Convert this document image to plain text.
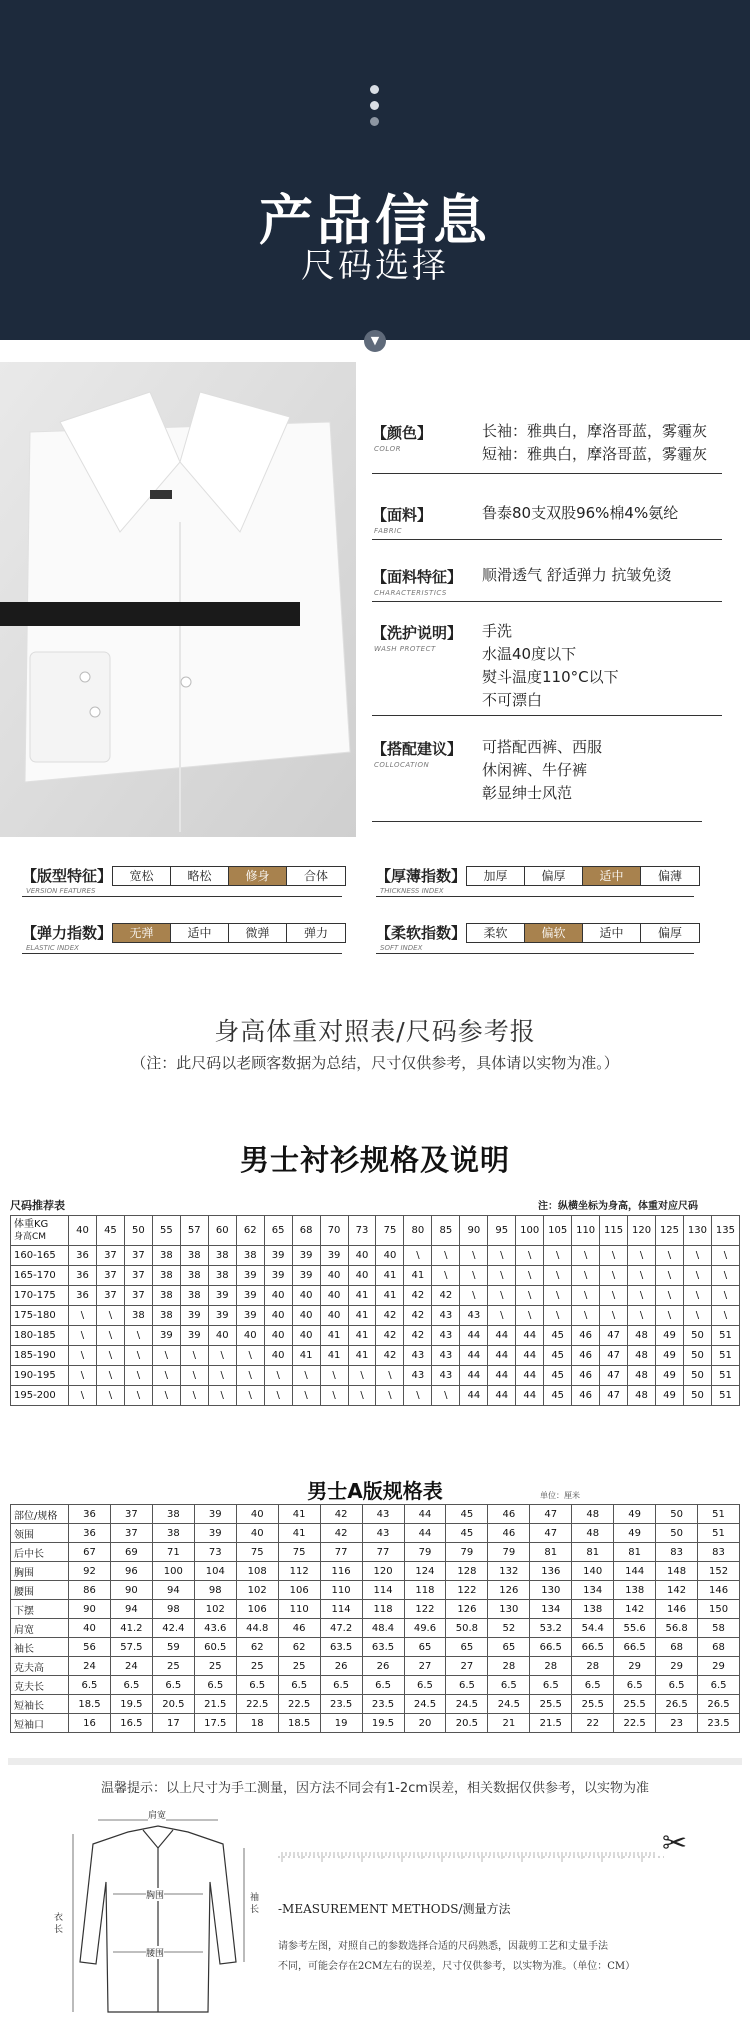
产品信息
尺码选择
▼
【颜色】
COLOR
长袖：雅典白，摩洛哥蓝，雾霾灰
短袖：雅典白，摩洛哥蓝，雾霾灰
【面料】
FABRIC
鲁泰80支双股96%棉4%氨纶
【面料特征】
CHARACTERISTICS
顺滑透气 舒适弹力 抗皱免烫
【洗护说明】
WASH PROTECT
手洗
水温40度以下
熨斗温度110°C以下
不可漂白
【搭配建议】
COLLOCATION
可搭配西裤、西服
休闲裤、牛仔裤
彰显绅士风范
【版型特征】
VERSION FEATURES
宽松	略松	修身	合体	【厚薄指数】
THICKNESS INDEX
加厚	偏厚	适中	偏薄
【弹力指数】
ELASTIC INDEX
无弹	适中	微弹	弹力	【柔软指数】
SOFT INDEX
柔软	偏软	适中	偏厚
身高体重对照表/尺码参考报
（注：此尺码以老顾客数据为总结，尺寸仅供参考，具体请以实物为准。）
男士衬衫规格及说明
尺码推荐表	注：纵横坐标为身高，体重对应尺码
体重KG
身高CM	40	45	50	55	57	60	62	65	68	70	73	75	80	85	90	95	100	105	110	115	120	125	130	135
160-165	36	37	37	38	38	38	38	39	39	39	40	40	\	\	\	\	\	\	\	\	\	\	\	\
165-170	36	37	37	38	38	38	39	39	39	40	40	41	41	\	\	\	\	\	\	\	\	\	\	\
170-175	36	37	37	38	38	39	39	40	40	40	41	41	42	42	\	\	\	\	\	\	\	\	\	\
175-180	\	\	38	38	39	39	39	40	40	40	41	42	42	43	43	\	\	\	\	\	\	\	\	\
180-185	\	\	\	39	39	40	40	40	40	41	41	42	42	43	44	44	44	45	46	47	48	49	50	51
185-190	\	\	\	\	\	\	\	40	41	41	41	42	43	43	44	44	44	45	46	47	48	49	50	51
190-195	\	\	\	\	\	\	\	\	\	\	\	\	43	43	44	44	44	45	46	47	48	49	50	51
195-200	\	\	\	\	\	\	\	\	\	\	\	\	\	\	44	44	44	45	46	47	48	49	50	51
男士A版规格表	单位：厘米
部位/规格	36	37	38	39	40	41	42	43	44	45	46	47	48	49	50	51
领围	36	37	38	39	40	41	42	43	44	45	46	47	48	49	50	51
后中长	67	69	71	73	75	75	77	77	79	79	79	81	81	81	83	83
胸围	92	96	100	104	108	112	116	120	124	128	132	136	140	144	148	152
腰围	86	90	94	98	102	106	110	114	118	122	126	130	134	138	142	146
下摆	90	94	98	102	106	110	114	118	122	126	130	134	138	142	146	150
肩宽	40	41.2	42.4	43.6	44.8	46	47.2	48.4	49.6	50.8	52	53.2	54.4	55.6	56.8	58
袖长	56	57.5	59	60.5	62	62	63.5	63.5	65	65	65	66.5	66.5	66.5	68	68
克夫高	24	24	25	25	25	25	26	26	27	27	28	28	28	29	29	29
克夫长	6.5	6.5	6.5	6.5	6.5	6.5	6.5	6.5	6.5	6.5	6.5	6.5	6.5	6.5	6.5	6.5
短袖长	18.5	19.5	20.5	21.5	22.5	22.5	23.5	23.5	24.5	24.5	24.5	25.5	25.5	25.5	26.5	26.5
短袖口	16	16.5	17	17.5	18	18.5	19	19.5	20	20.5	21	21.5	22	22.5	23	23.5
温馨提示：以上尺寸为手工测量，因方法不同会有1-2cm误差，相关数据仅供参考，以实物为准
肩宽
胸围
腰围
衣长
袖长
✂
-MEASUREMENT METHODS/测量方法
请参考左图，对照自己的参数选择合适的尺码熟悉，因裁剪工艺和丈量手法
不同，可能会存在2CM左右的误差，尺寸仅供参考，以实物为准。（单位：CM）
